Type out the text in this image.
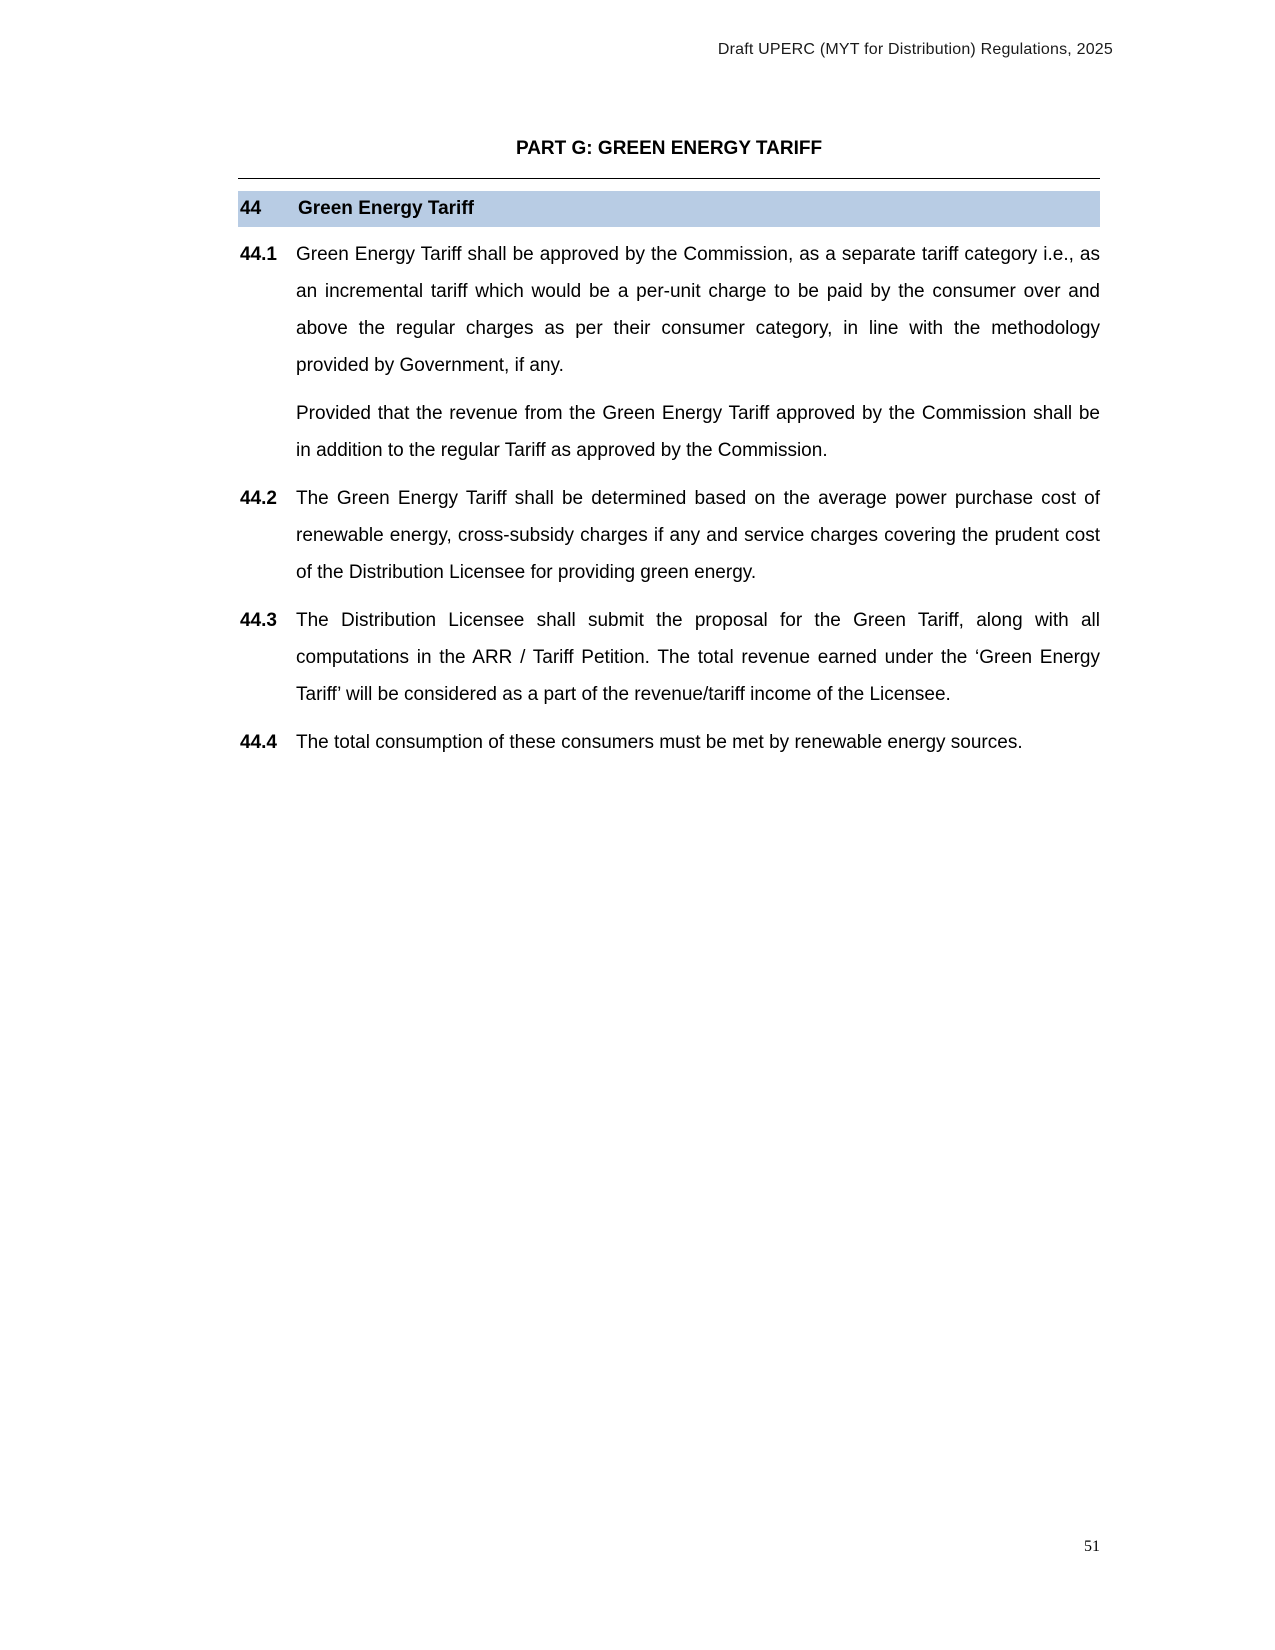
Draft UPERC (MYT for Distribution) Regulations, 2025
PART G: GREEN ENERGY TARIFF
44	Green Energy Tariff
44.1	Green Energy Tariff shall be approved by the Commission, as a separate tariff category i.e., as an incremental tariff which would be a per-unit charge to be paid by the consumer over and above the regular charges as per their consumer category, in line with the methodology provided by Government, if any.

Provided that the revenue from the Green Energy Tariff approved by the Commission shall be in addition to the regular Tariff as approved by the Commission.

44.2	The Green Energy Tariff shall be determined based on the average power purchase cost of renewable energy, cross-subsidy charges if any and service charges covering the prudent cost of the Distribution Licensee for providing green energy.

44.3	The Distribution Licensee shall submit the proposal for the Green Tariff, along with all computations in the ARR / Tariff Petition. The total revenue earned under the ‘Green Energy Tariff’ will be considered as a part of the revenue/tariff income of the Licensee.

44.4	The total consumption of these consumers must be met by renewable energy sources.

51
